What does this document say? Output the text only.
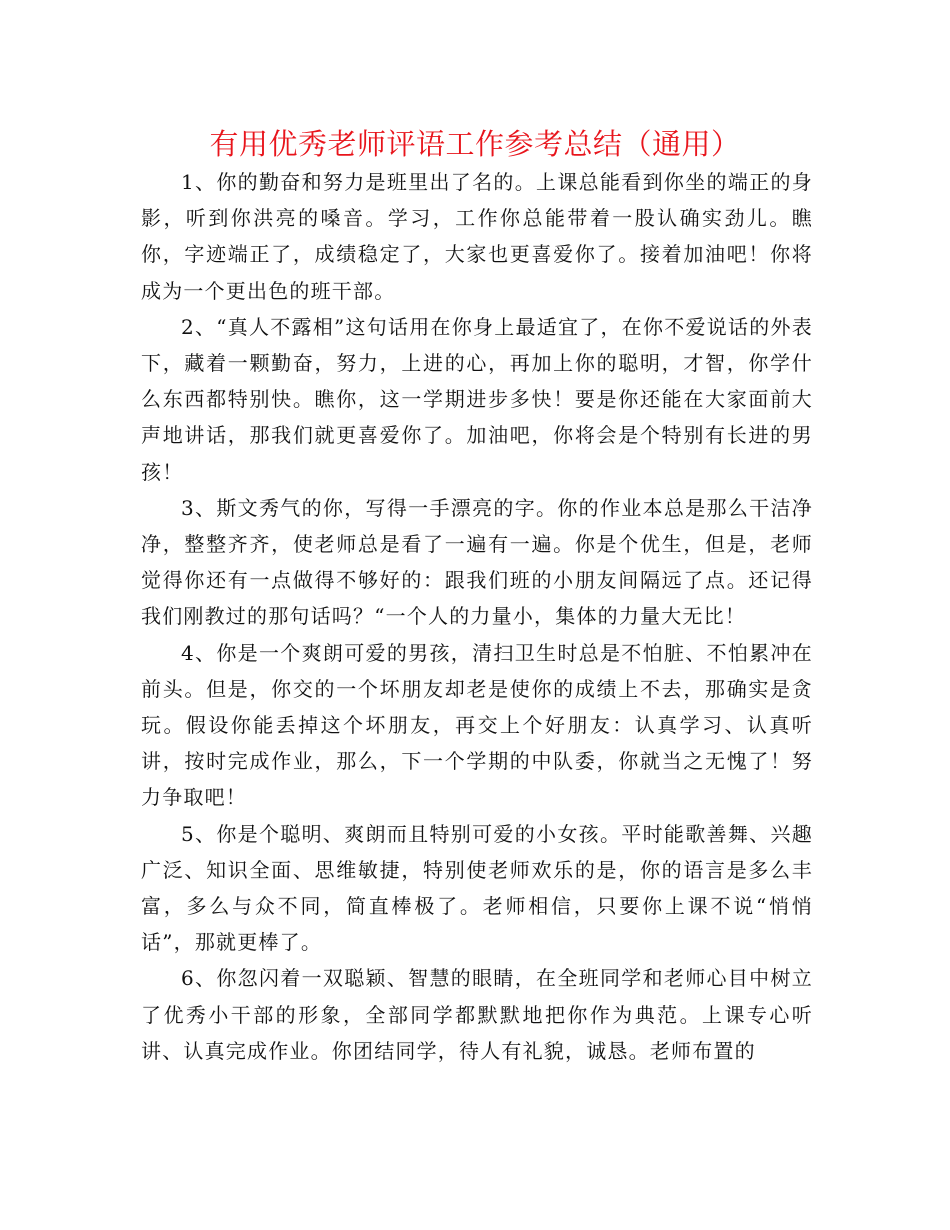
有用优秀老师评语工作参考总结（通用）

1、你的勤奋和努力是班里出了名的。上课总能看到你坐的端正的身影，听到你洪亮的嗓音。学习，工作你总能带着一股认确实劲儿。瞧你，字迹端正了，成绩稳定了，大家也更喜爱你了。接着加油吧！你将成为一个更出色的班干部。

2、“真人不露相”这句话用在你身上最适宜了，在你不爱说话的外表下，藏着一颗勤奋，努力，上进的心，再加上你的聪明，才智，你学什么东西都特别快。瞧你，这一学期进步多快！要是你还能在大家面前大声地讲话，那我们就更喜爱你了。加油吧，你将会是个特别有长进的男孩！

3、斯文秀气的你，写得一手漂亮的字。你的作业本总是那么干洁净净，整整齐齐，使老师总是看了一遍有一遍。你是个优生，但是，老师觉得你还有一点做得不够好的：跟我们班的小朋友间隔远了点。还记得我们刚教过的那句话吗？“一个人的力量小，集体的力量大无比！

4、你是一个爽朗可爱的男孩，清扫卫生时总是不怕脏、不怕累冲在前头。但是，你交的一个坏朋友却老是使你的成绩上不去，那确实是贪玩。假设你能丢掉这个坏朋友，再交上个好朋友：认真学习、认真听讲，按时完成作业，那么，下一个学期的中队委，你就当之无愧了！努力争取吧！

5、你是个聪明、爽朗而且特别可爱的小女孩。平时能歌善舞、兴趣广泛、知识全面、思维敏捷，特别使老师欢乐的是，你的语言是多么丰富，多么与众不同，简直棒极了。老师相信，只要你上课不说“悄悄话”，那就更棒了。

6、你忽闪着一双聪颖、智慧的眼睛，在全班同学和老师心目中树立了优秀小干部的形象，全部同学都默默地把你作为典范。上课专心听讲、认真完成作业。你团结同学，待人有礼貌，诚恳。老师布置的
